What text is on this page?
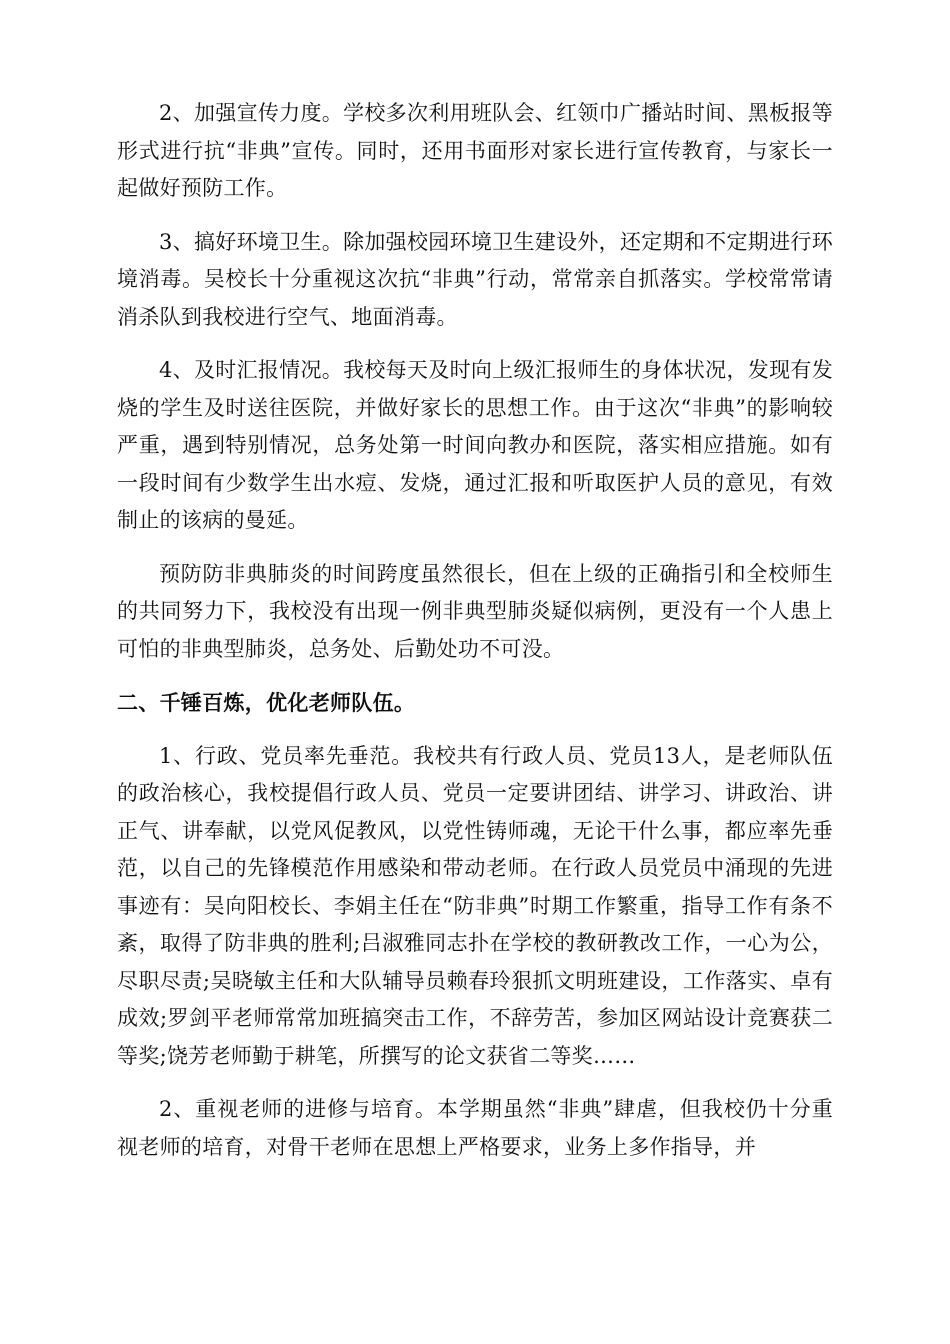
2、加强宣传力度。学校多次利用班队会、红领巾广播站时间、黑板报等形式进行抗“非典”宣传。同时，还用书面形对家长进行宣传教育，与家长一起做好预防工作。

3、搞好环境卫生。除加强校园环境卫生建设外，还定期和不定期进行环境消毒。吴校长十分重视这次抗“非典”行动，常常亲自抓落实。学校常常请消杀队到我校进行空气、地面消毒。

4、及时汇报情况。我校每天及时向上级汇报师生的身体状况，发现有发烧的学生及时送往医院，并做好家长的思想工作。由于这次“非典”的影响较严重，遇到特别情况，总务处第一时间向教办和医院，落实相应措施。如有一段时间有少数学生出水痘、发烧，通过汇报和听取医护人员的意见，有效制止的该病的曼延。

预防防非典肺炎的时间跨度虽然很长，但在上级的正确指引和全校师生的共同努力下，我校没有出现一例非典型肺炎疑似病例，更没有一个人患上可怕的非典型肺炎，总务处、后勤处功不可没。

二、千锤百炼，优化老师队伍。

1、行政、党员率先垂范。我校共有行政人员、党员13人，是老师队伍的政治核心，我校提倡行政人员、党员一定要讲团结、讲学习、讲政治、讲正气、讲奉献，以党风促教风，以党性铸师魂，无论干什么事，都应率先垂范，以自己的先锋模范作用感染和带动老师。在行政人员党员中涌现的先进事迹有：吴向阳校长、李娟主任在“防非典”时期工作繁重，指导工作有条不紊，取得了防非典的胜利;吕淑雅同志扑在学校的教研教改工作，一心为公，尽职尽责;吴晓敏主任和大队辅导员赖春玲狠抓文明班建设，工作落实、卓有成效;罗剑平老师常常加班搞突击工作，不辞劳苦，参加区网站设计竞赛获二等奖;饶芳老师勤于耕笔，所撰写的论文获省二等奖……

2、重视老师的进修与培育。本学期虽然“非典”肆虐，但我校仍十分重视老师的培育，对骨干老师在思想上严格要求，业务上多作指导，并
